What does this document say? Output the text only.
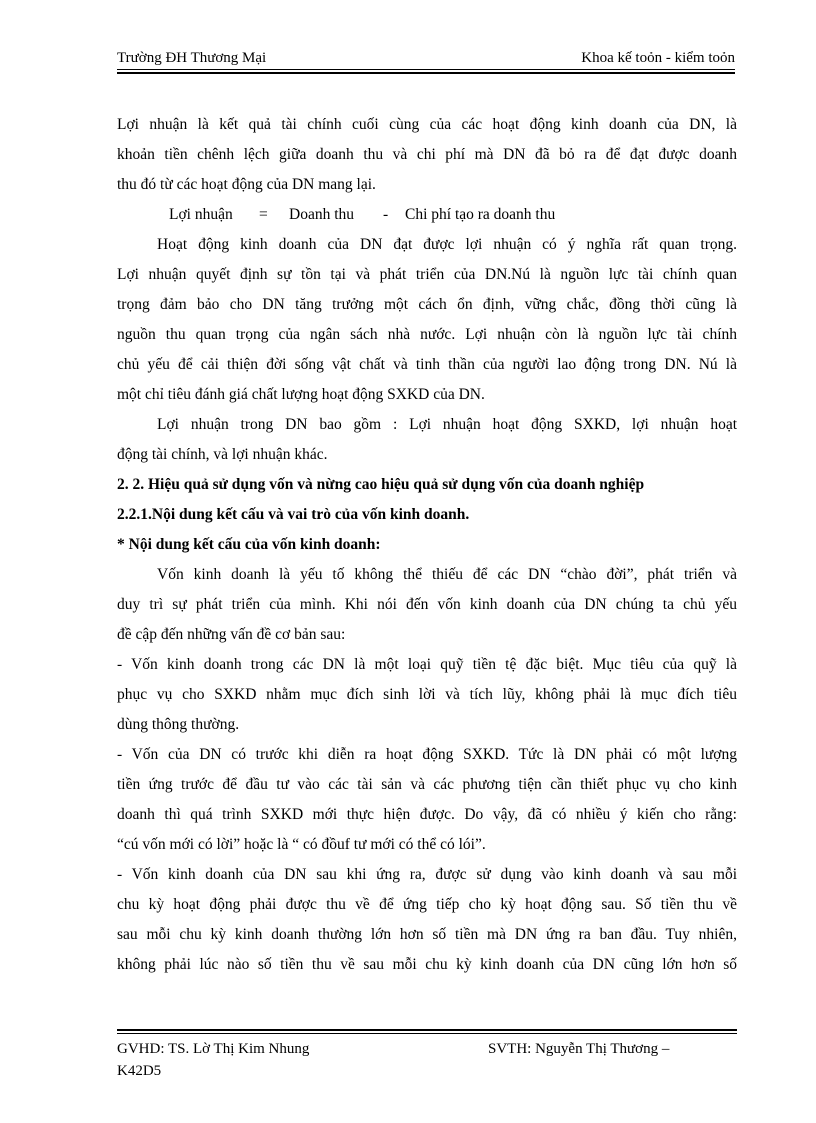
Trường ĐH Thương Mại	Khoa kế toỏn - kiểm toỏn
Lợi nhuận là kết quả tài chính cuối cùng của các hoạt động kinh doanh của DN, là
khoản tiền chênh lệch giữa doanh thu và chi phí mà DN đã bỏ ra để đạt được doanh
thu đó từ các hoạt động của DN mang lại.
Lợi nhuận = Doanh thu - Chi phí tạo ra doanh thu
Hoạt động kinh doanh của DN đạt được lợi nhuận có ý nghĩa rất quan trọng.
Lợi nhuận quyết định sự tồn tại và phát triển của DN.Nú là nguồn lực tài chính quan
trọng đảm bảo cho DN tăng trưởng một cách ổn định, vững chắc, đồng thời cũng là
nguồn thu quan trọng của ngân sách nhà nước. Lợi nhuận còn là nguồn lực tài chính
chủ yếu để cải thiện đời sống vật chất và tinh thần của người lao động trong DN. Nú là
một chỉ tiêu đánh giá chất lượng hoạt động SXKD của DN.
Lợi nhuận trong DN bao gồm : Lợi nhuận hoạt động SXKD, lợi nhuận hoạt
động tài chính, và lợi nhuận khác.
2. 2. Hiệu quả sử dụng vốn và nừng cao hiệu quả sử dụng vốn của doanh nghiệp
2.2.1.Nội dung kết cấu và vai trò của vốn kinh doanh.
* Nội dung kết cấu của vốn kinh doanh:
Vốn kinh doanh là yếu tố không thể thiếu để các DN “chào đời”, phát triển và
duy trì sự phát triển của mình. Khi nói đến vốn kinh doanh của DN chúng ta chủ yếu
đề cập đến những vấn đề cơ bản sau:
- Vốn kinh doanh trong các DN là một loại quỹ tiền tệ đặc biệt. Mục tiêu của quỹ là
phục vụ cho SXKD nhằm mục đích sinh lời và tích lũy, không phải là mục đích tiêu
dùng thông thường.
- Vốn của DN có trước khi diễn ra hoạt động SXKD. Tức là DN phải có một lượng
tiền ứng trước để đầu tư vào các tài sản và các phương tiện cần thiết phục vụ cho kinh
doanh thì quá trình SXKD mới thực hiện được. Do vậy, đã có nhiều ý kiến cho rằng:
“cú vốn mới có lời” hoặc là “ có đồuf tư mới có thể có lói”.
- Vốn kinh doanh của DN sau khi ứng ra, được sử dụng vào kinh doanh và sau mỗi
chu kỳ hoạt động phải được thu về để ứng tiếp cho kỳ hoạt động sau. Số tiền thu về
sau mỗi chu kỳ kinh doanh thường lớn hơn số tiền mà DN ứng ra ban đầu. Tuy nhiên,
không phải lúc nào số tiền thu về sau mỗi chu kỳ kinh doanh của DN cũng lớn hơn số
GVHD: TS. Lờ Thị Kim Nhung	SVTH: Nguyễn Thị Thương –
K42D5
